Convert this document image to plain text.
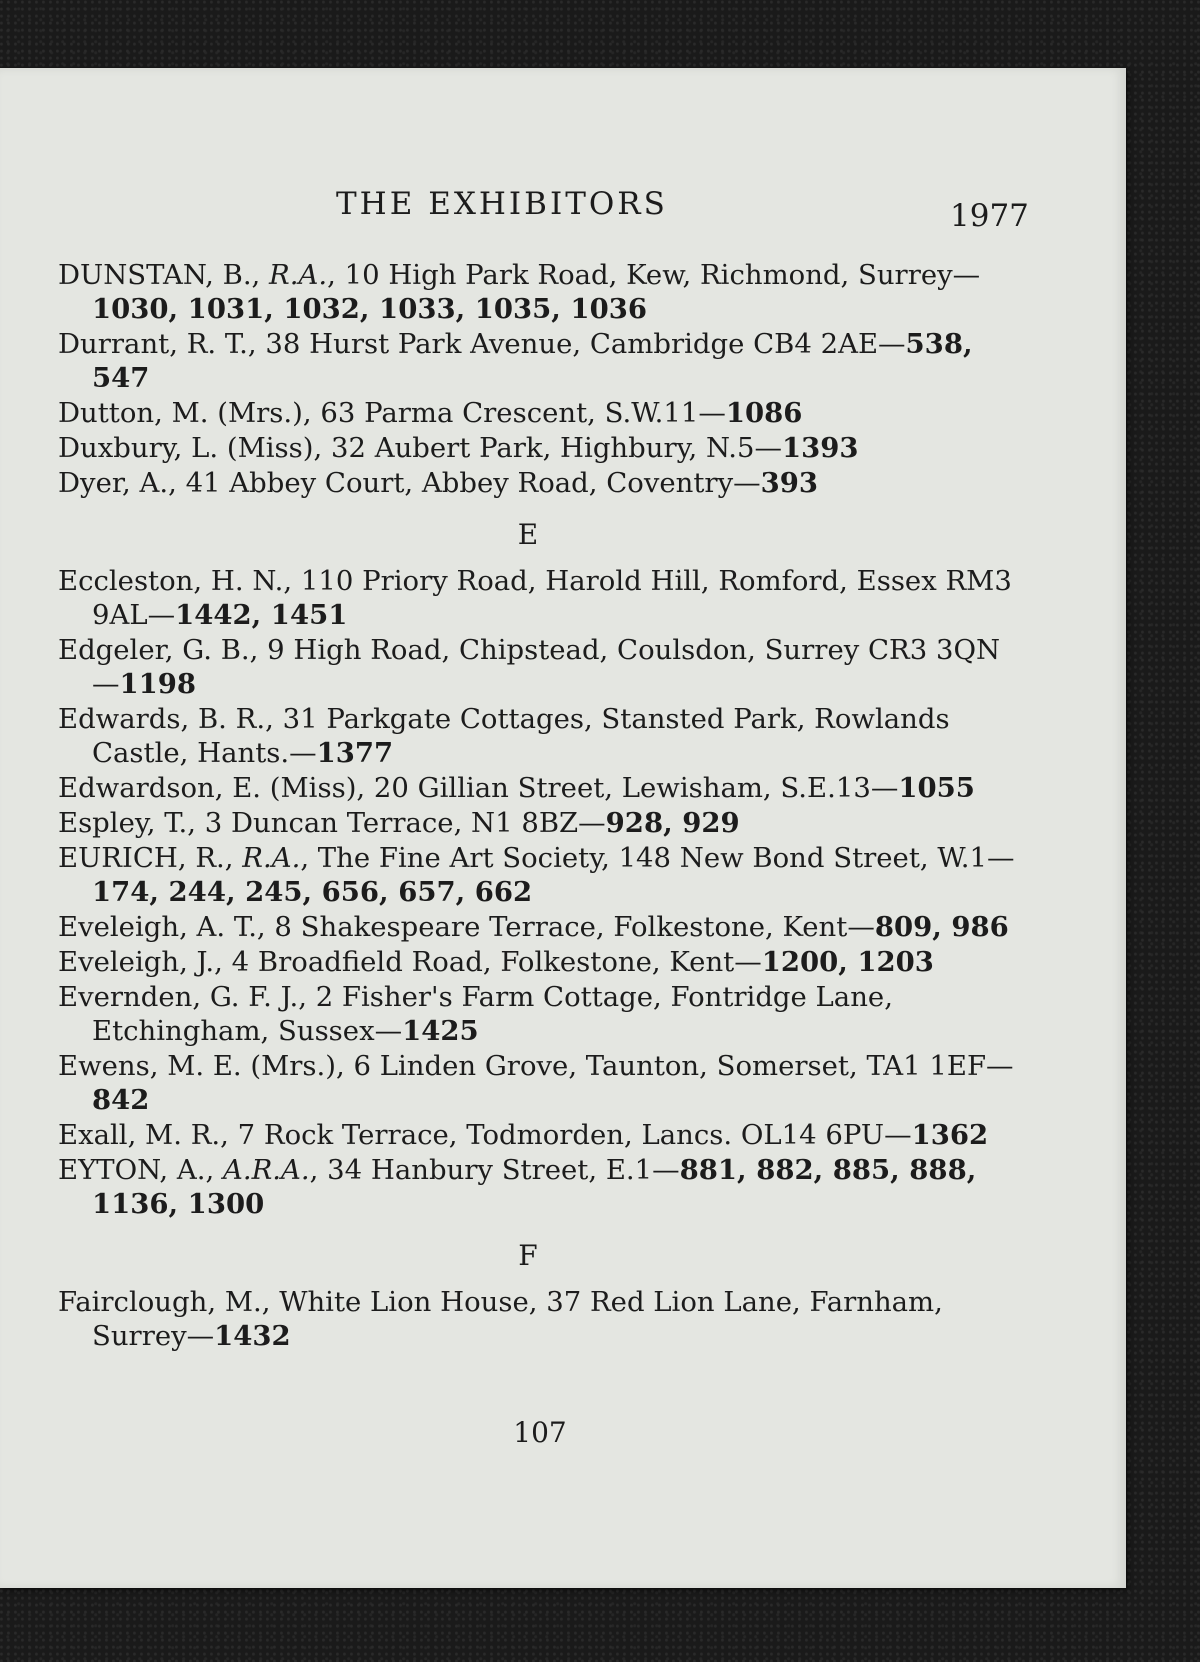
THE EXHIBITORS	1977
DUNSTAN, B., R.A., 10 High Park Road, Kew, Richmond, Surrey—1030, 1031, 1032, 1033, 1035, 1036
Durrant, R. T., 38 Hurst Park Avenue, Cambridge CB4 2AE—538, 547
Dutton, M. (Mrs.), 63 Parma Crescent, S.W.11—1086
Duxbury, L. (Miss), 32 Aubert Park, Highbury, N.5—1393
Dyer, A., 41 Abbey Court, Abbey Road, Coventry—393
E
Eccleston, H. N., 110 Priory Road, Harold Hill, Romford, Essex RM3 9AL—1442, 1451
Edgeler, G. B., 9 High Road, Chipstead, Coulsdon, Surrey CR3 3QN—1198
Edwards, B. R., 31 Parkgate Cottages, Stansted Park, Rowlands Castle, Hants.—1377
Edwardson, E. (Miss), 20 Gillian Street, Lewisham, S.E.13—1055
Espley, T., 3 Duncan Terrace, N1 8BZ—928, 929
EURICH, R., R.A., The Fine Art Society, 148 New Bond Street, W.1—174, 244, 245, 656, 657, 662
Eveleigh, A. T., 8 Shakespeare Terrace, Folkestone, Kent—809, 986
Eveleigh, J., 4 Broadfield Road, Folkestone, Kent—1200, 1203
Evernden, G. F. J., 2 Fisher's Farm Cottage, Fontridge Lane, Etchingham, Sussex—1425
Ewens, M. E. (Mrs.), 6 Linden Grove, Taunton, Somerset, TA1 1EF—842
Exall, M. R., 7 Rock Terrace, Todmorden, Lancs. OL14 6PU—1362
EYTON, A., A.R.A., 34 Hanbury Street, E.1—881, 882, 885, 888, 1136, 1300
F
Fairclough, M., White Lion House, 37 Red Lion Lane, Farnham, Surrey—1432
107
